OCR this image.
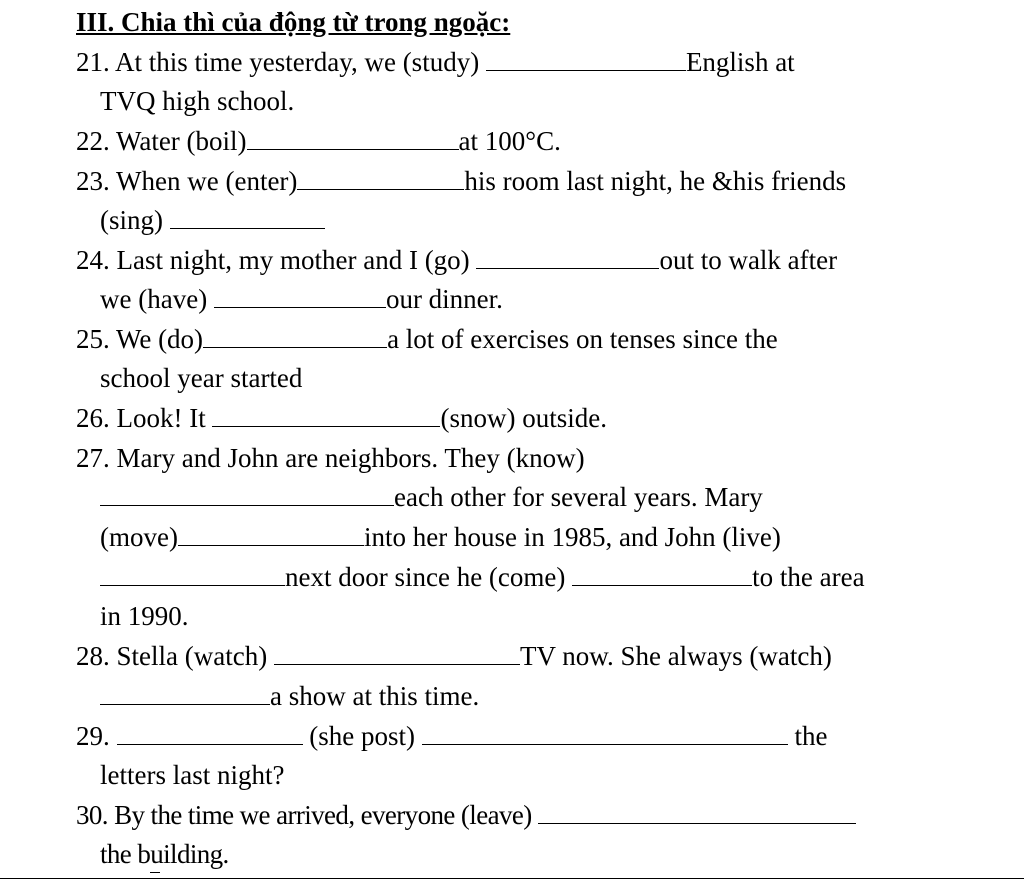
III. Chia thì của động từ trong ngoặc:
21. At this time yesterday, we (study)	English at
TVQ high school.
22. Water (boil)	at 100°C.
23. When we (enter)	his room last night, he &his friends
(sing)
24. Last night, my mother and I (go)	out to walk after
we (have)	our dinner.
25. We (do)	a lot of exercises on tenses since the
school year started
26. Look! It	(snow) outside.
27. Mary and John are neighbors. They (know)
each other for several years. Mary
(move)	into her house in 1985, and John (live)
next door since he (come)	to the area
in 1990.
28. Stella (watch)	TV now. She always (watch)
a show at this time.
29.	(she post)	the
letters last night?
30. By the time we arrived, everyone (leave)
the building.
